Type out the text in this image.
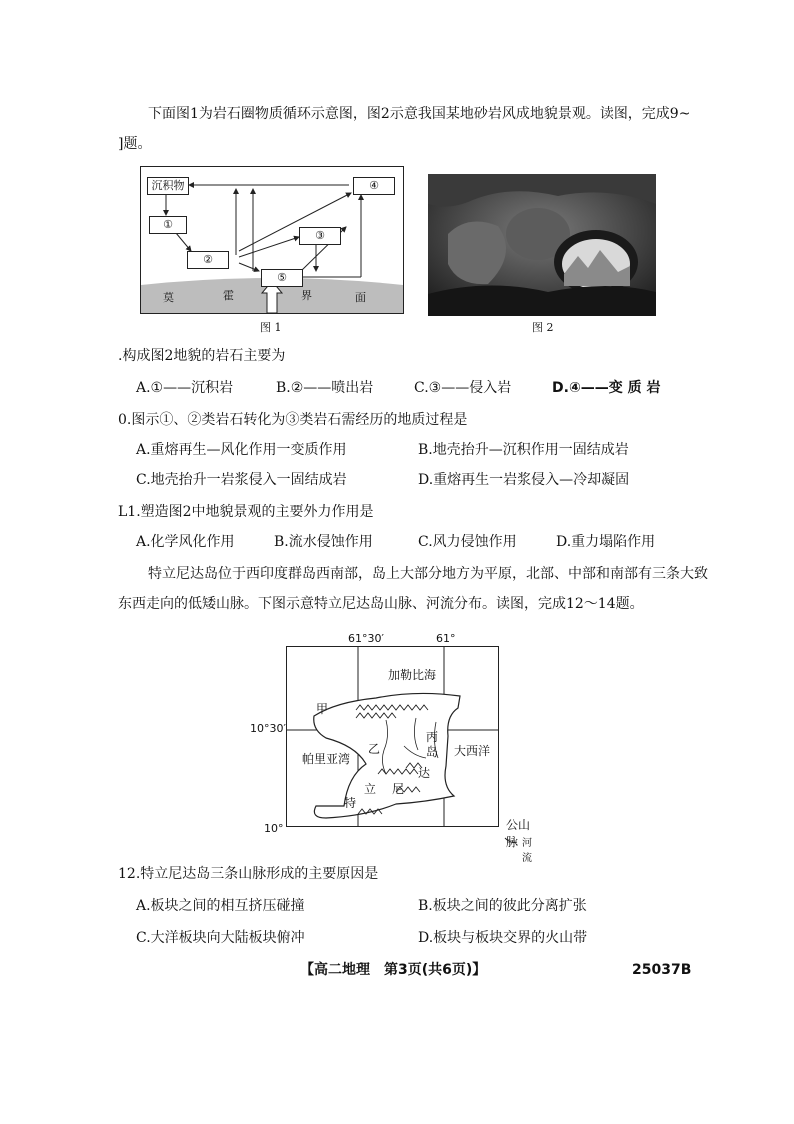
下面图1为岩石圈物质循环示意图，图2示意我国某地砂岩风成地貌景观。读图，完成9~
]题。
沉积物	④
①
③
②
⑤
莫	霍	界	面
图 1	图 2
.构成图2地貌的岩石主要为
A.①——沉积岩	B.②——喷出岩	C.③——侵入岩	D.④——变 质 岩
0.图示①、②类岩石转化为③类岩石需经历的地质过程是
A.重熔再生—风化作用一变质作用	B.地壳抬升—沉积作用一固结成岩
C.地壳抬升一岩浆侵入一固结成岩	D.重熔再生一岩浆侵入—冷却凝固
L1.塑造图2中地貌景观的主要外力作用是
A.化学风化作用	B.流水侵蚀作用	C.风力侵蚀作用	D.重力塌陷作用
特立尼达岛位于西印度群岛西南部，岛上大部分地方为平原，北部、中部和南部有三条大致
东西走向的低矮山脉。下图示意特立尼达岛山脉、河流分布。读图，完成12〜14题。
61°30′	61°
10°30′
10°
加勒比海
甲
乙
丙
岛 大西洋
帕里亚湾
达
立 尼
特
公山脉 河流
12.特立尼达岛三条山脉形成的主要原因是
A.板块之间的相互挤压碰撞	B.板块之间的彼此分离扩张
C.大洋板块向大陆板块俯冲	D.板块与板块交界的火山带
【高二地理　第3页(共6页)】	25037B
